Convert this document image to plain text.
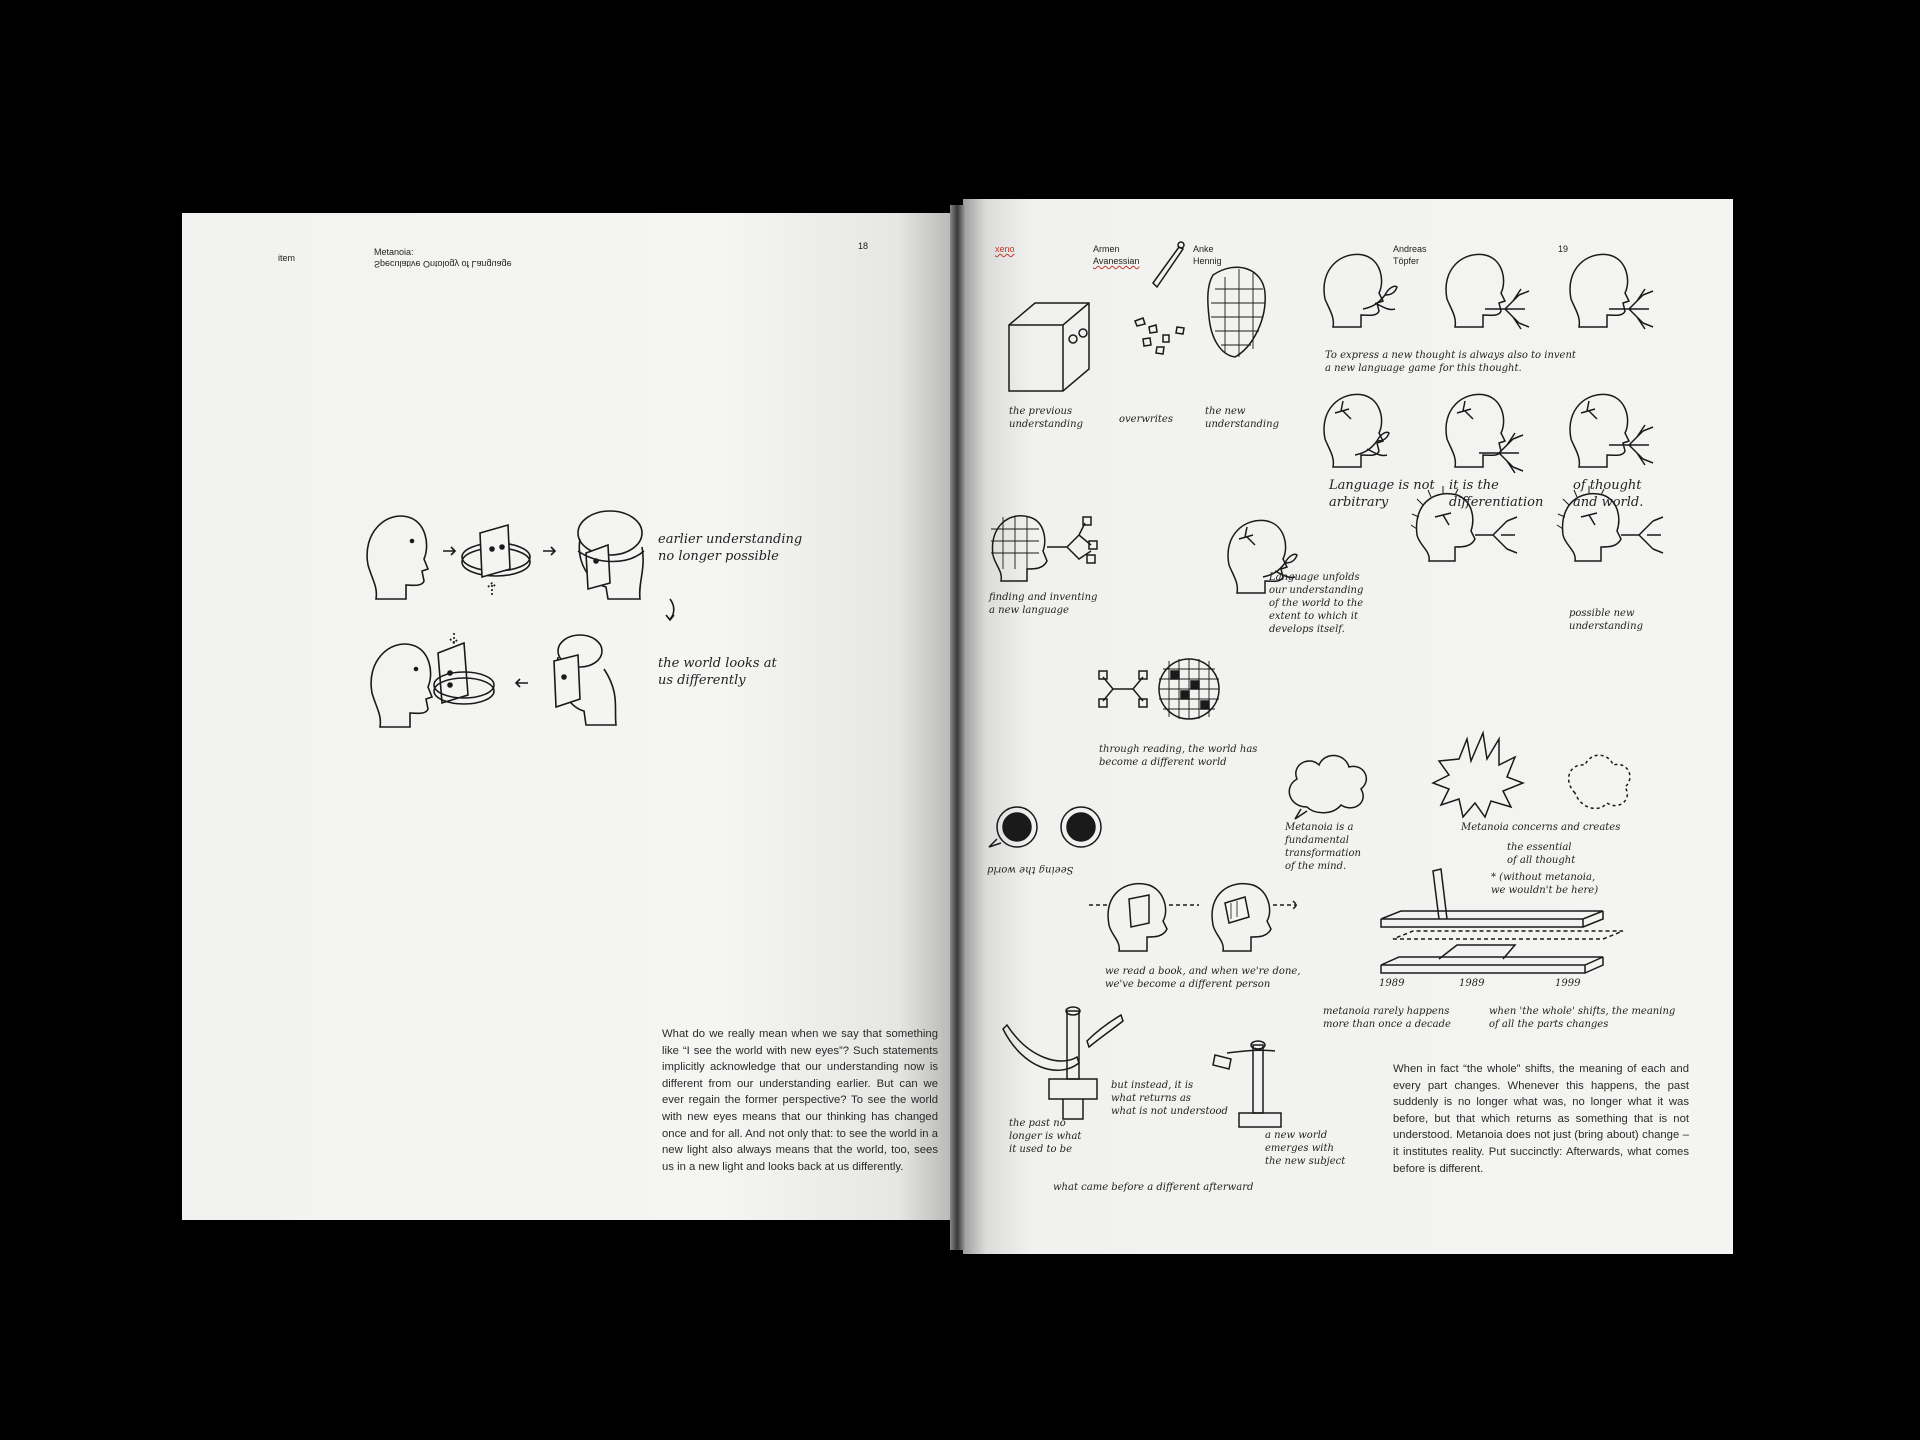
item
Metanoia:
Speculative Ontology of Language
18
earlier understanding
no longer possible
the world looks at
us differently
What do we really mean when we say that something like “I see the world with new eyes”? Such statements implicitly acknowledge that our understanding now is different from our understanding earlier. But can we ever regain the former perspective? To see the world with new eyes means that our thinking has changed once and for all. And not only that: to see the world in a new light also always means that the world, too, sees us in a new light and looks back at us differently.
xeno	Armen
Avanessian
Anke
Hennig
Andreas
Töpfer
19
To express a new thought is always also to invent
a new language game for this thought.
the previous
understanding	overwrites
the new
understanding
Language is not
arbitrary
it is the
differentiation
of thought
and world.
finding and inventing
a new language
Language unfolds
our understanding
of the world to the
extent to which it
develops itself.
possible new
understanding
through reading, the world has
become a different world
Metanoia is a
fundamental
transformation
of the mind.
Metanoia concerns and creates
the essential
of all thought
* (without metanoia,
we wouldn't be here)
Seeing the world
we read a book, and when we're done,
we've become a different person	1989	1989	1999
metanoia rarely happens
more than once a decade
when 'the whole' shifts, the meaning
of all the parts changes
but instead, it is
what returns as
what is not understood
the past no
longer is what
it used to be
a new world
emerges with
the new subject
what came before a different afterward
When in fact “the whole” shifts, the meaning of each and every part changes. Whenever this happens, the past suddenly is no longer what was, no longer what it was before, but that which returns as something that is not understood. Metanoia does not just (bring about) change – it institutes reality. Put succinctly: Afterwards, what comes before is different.
